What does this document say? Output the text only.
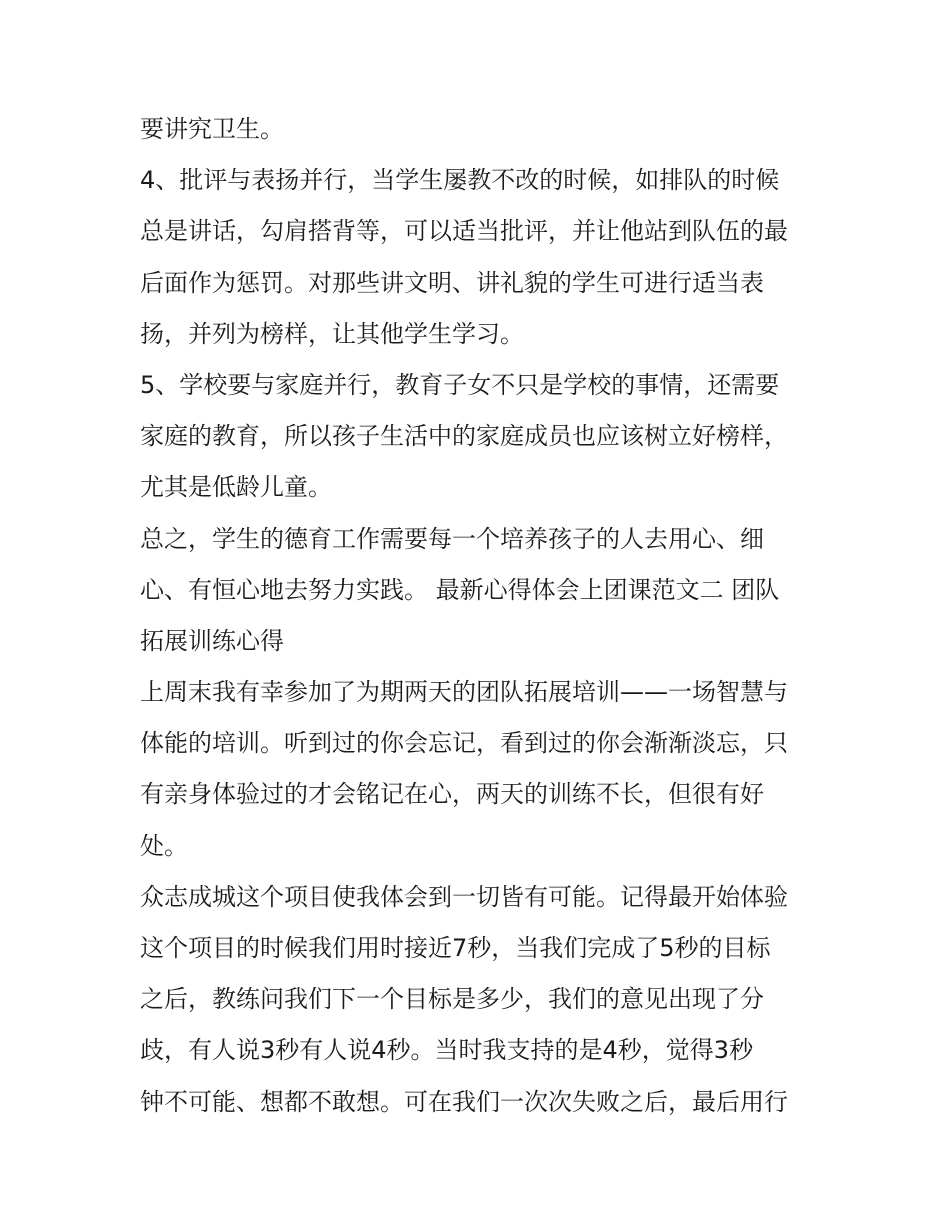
要讲究卫生。
4、批评与表扬并行，当学生屡教不改的时候，如排队的时候
总是讲话，勾肩搭背等，可以适当批评，并让他站到队伍的最
后面作为惩罚。对那些讲文明、讲礼貌的学生可进行适当表
扬，并列为榜样，让其他学生学习。
5、学校要与家庭并行，教育子女不只是学校的事情，还需要
家庭的教育，所以孩子生活中的家庭成员也应该树立好榜样，
尤其是低龄儿童。
总之，学生的德育工作需要每一个培养孩子的人去用心、细
心、有恒心地去努力实践。 最新心得体会上团课范文二 团队
拓展训练心得
上周末我有幸参加了为期两天的团队拓展培训——一场智慧与
体能的培训。听到过的你会忘记，看到过的你会渐渐淡忘，只
有亲身体验过的才会铭记在心，两天的训练不长，但很有好
处。
众志成城这个项目使我体会到一切皆有可能。记得最开始体验
这个项目的时候我们用时接近7秒，当我们完成了5秒的目标
之后，教练问我们下一个目标是多少，我们的意见出现了分
歧，有人说3秒有人说4秒。当时我支持的是4秒，觉得3秒
钟不可能、想都不敢想。可在我们一次次失败之后，最后用行
